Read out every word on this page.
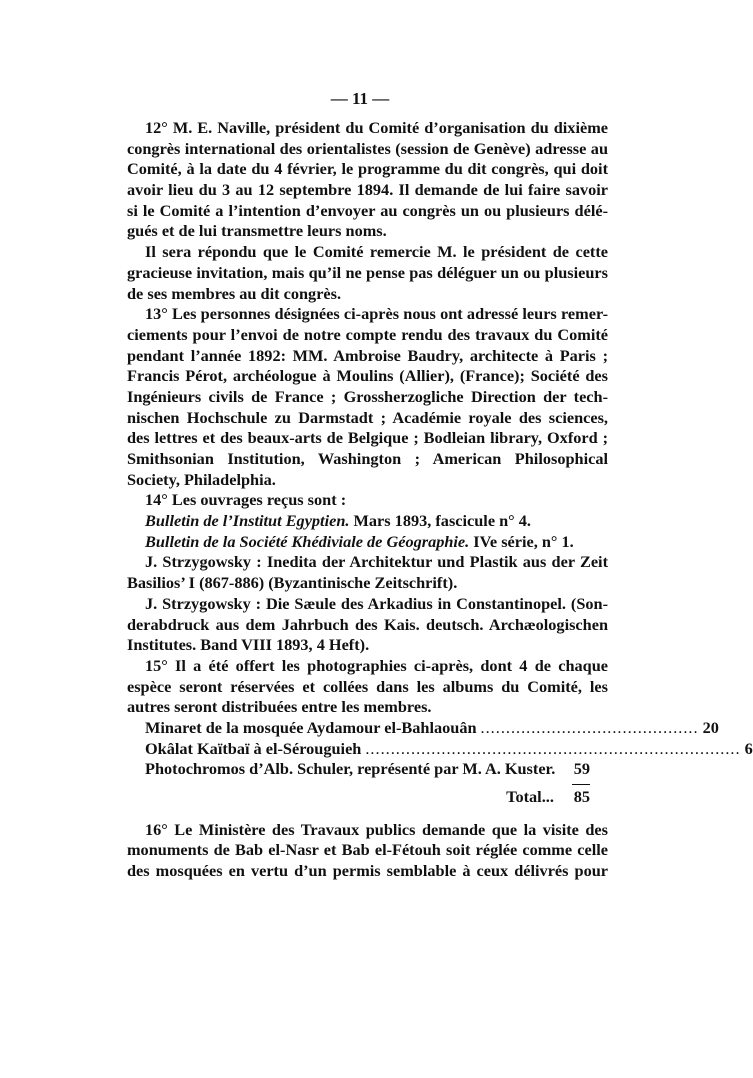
— 11 —
12° M. E. Naville, président du Comité d’organisation du dixième
congrès international des orientalistes (session de Genève) adresse au
Comité, à la date du 4 février, le programme du dit congrès, qui doit
avoir lieu du 3 au 12 septembre 1894. Il demande de lui faire savoir
si le Comité a l’intention d’envoyer au congrès un ou plusieurs délé-
gués et de lui transmettre leurs noms.
Il sera répondu que le Comité remercie M. le président de cette
gracieuse invitation, mais qu’il ne pense pas déléguer un ou plusieurs
de ses membres au dit congrès.
13° Les personnes désignées ci-après nous ont adressé leurs remer-
ciements pour l’envoi de notre compte rendu des travaux du Comité
pendant l’année 1892: MM. Ambroise Baudry, architecte à Paris ;
Francis Pérot, archéologue à Moulins (Allier), (France); Société des
Ingénieurs civils de France ; Grossherzogliche Direction der tech-
nischen Hochschule zu Darmstadt ; Académie royale des sciences,
des lettres et des beaux-arts de Belgique ; Bodleian library, Oxford ;
Smithsonian Institution, Washington ; American Philosophical
Society, Philadelphia.
14° Les ouvrages reçus sont :
Bulletin de l’Institut Egyptien. Mars 1893, fascicule n° 4.
Bulletin de la Société Khédiviale de Géographie. IVe série, n° 1.
J. Strzygowsky : Inedita der Architektur und Plastik aus der Zeit
Basilios’ I (867-886) (Byzantinische Zeitschrift).
J. Strzygowsky : Die Sæule des Arkadius in Constantinopel. (Son-
derabdruck aus dem Jahrbuch des Kais. deutsch. Archæologischen
Institutes. Band VIII 1893, 4 Heft).
15° Il a été offert les photographies ci-après, dont 4 de chaque
espèce seront réservées et collées dans les albums du Comité, les
autres seront distribuées entre les membres.
Minaret de la mosquée Aydamour el-Bahlaouân ........................................... 20
Okâlat Kaïtbaï à el-Sérouguieh .......................................................................... 6
Photochromos d’Alb. Schuler, représenté par M. A. Kuster.	59
Total... 85
16° Le Ministère des Travaux publics demande que la visite des
monuments de Bab el-Nasr et Bab el-Fétouh soit réglée comme celle
des mosquées en vertu d’un permis semblable à ceux délivrés pour
